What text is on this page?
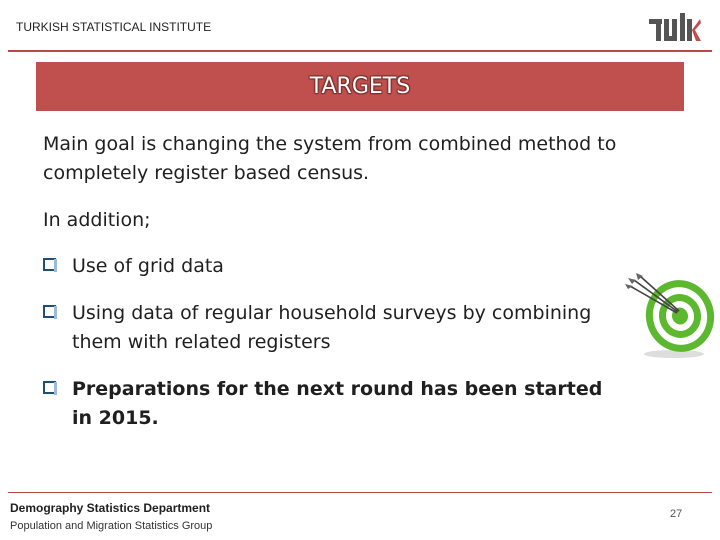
TURKISH STATISTICAL INSTITUTE
TARGETS
Main goal is changing the system from combined method to completely register based census.
In addition;
Use of grid data
Using data of regular household surveys by combining them with related registers
Preparations for the next round has been started in 2015.
Demography Statistics Department
Population and Migration Statistics Group
27
